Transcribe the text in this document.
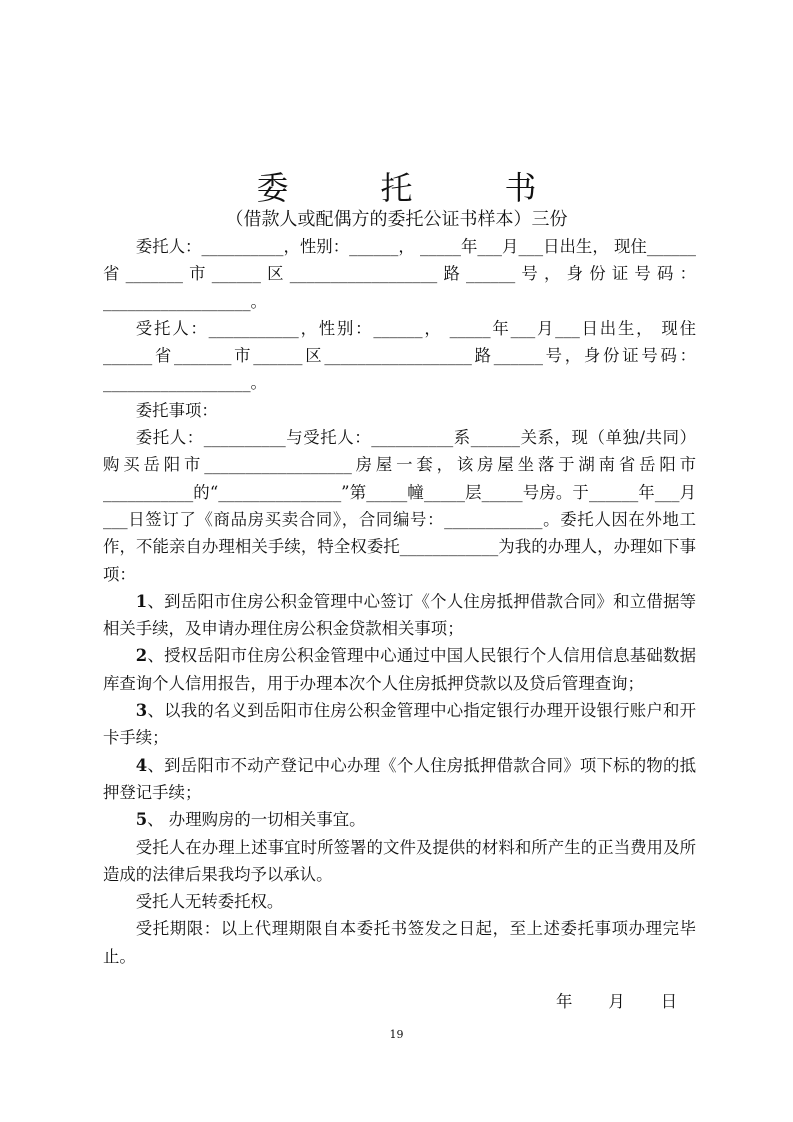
委	托	书
（借款人或配偶方的委托公证书样本）三份

委托人：__________，性别：______， _____年___月___日出生， 现住______省_______市______区__________________路______号，身份证号码：__________________。

受托人：___________，性别：______， _____年___月___日出生， 现住______省_______市______区__________________路______号，身份证号码：__________________。

委托事项：

委托人：__________与受托人：__________系______关系，现（单独/共同）购买岳阳市__________________房屋一套，该房屋坐落于湖南省岳阳市___________的“_______________”第_____幢_____层_____号房。于______年___月___日签订了《商品房买卖合同》，合同编号：____________。委托人因在外地工作，不能亲自办理相关手续，特全权委托____________为我的办理人，办理如下事项：

1、到岳阳市住房公积金管理中心签订《个人住房抵押借款合同》和立借据等相关手续，及申请办理住房公积金贷款相关事项；

2、授权岳阳市住房公积金管理中心通过中国人民银行个人信用信息基础数据库查询个人信用报告，用于办理本次个人住房抵押贷款以及贷后管理查询；

3、以我的名义到岳阳市住房公积金管理中心指定银行办理开设银行账户和开卡手续；

4、到岳阳市不动产登记中心办理《个人住房抵押借款合同》项下标的物的抵押登记手续；

5、 办理购房的一切相关事宜。

受托人在办理上述事宜时所签署的文件及提供的材料和所产生的正当费用及所造成的法律后果我均予以承认。

受托人无转委托权。

受托期限：以上代理期限自本委托书签发之日起，至上述委托事项办理完毕止。

年 月 日
19
